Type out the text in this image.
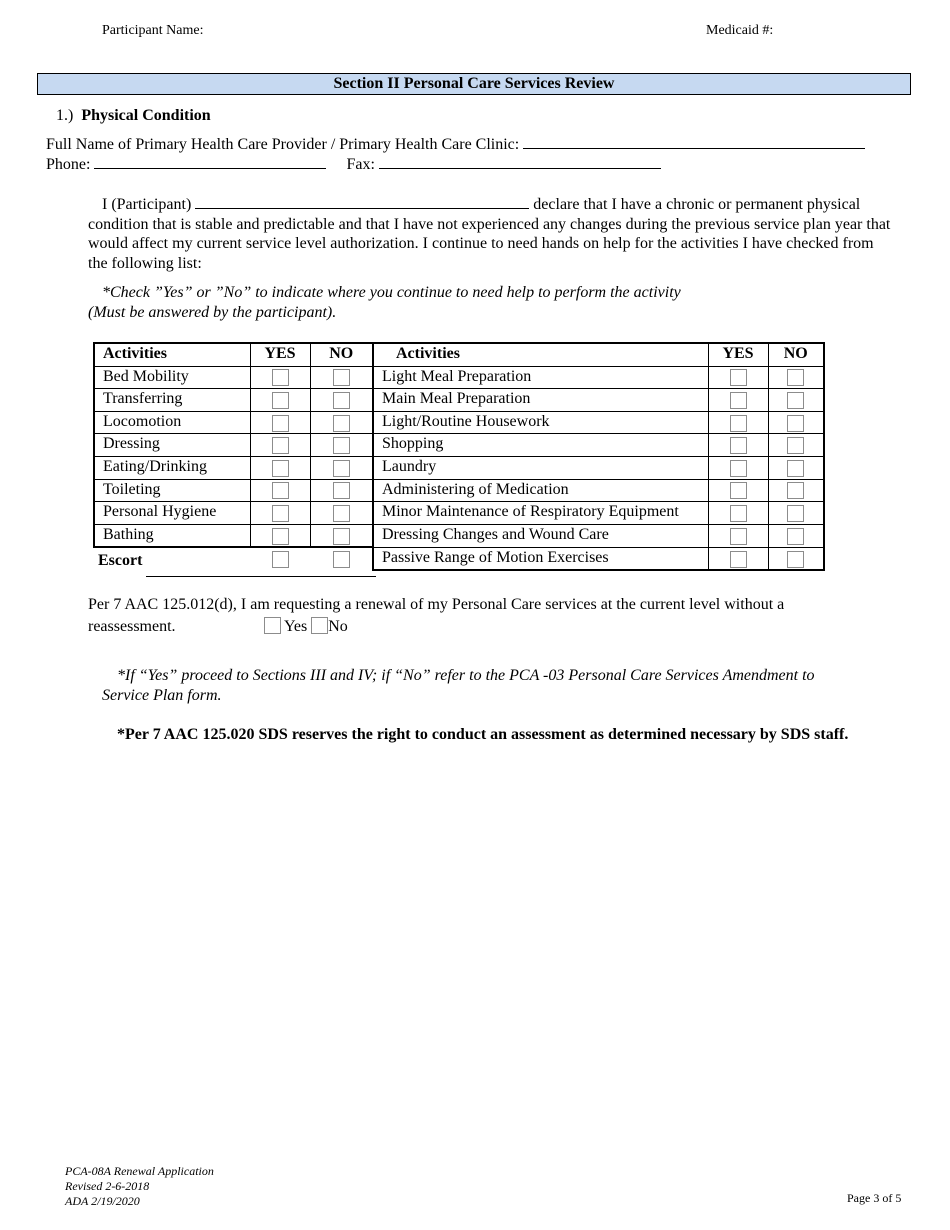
Participant Name:	Medicaid #:
Section II Personal Care Services Review
1.) Physical Condition
Full Name of Primary Health Care Provider / Primary Health Care Clinic:
Phone:	Fax:
I (Participant)	declare that I have a chronic or permanent physical condition that is stable and predictable and that I have not experienced any changes during the previous service plan year that would affect my current service level authorization. I continue to need hands on help for the activities I have checked from the following list:
*Check ”Yes” or ”No” to indicate where you continue to need help to perform the activity
(Must be answered by the participant).
Activities	YES	NO	Activities	YES	NO
Bed Mobility			Light Meal Preparation		
Transferring			Main Meal Preparation		
Locomotion			Light/Routine Housework		
Dressing			Shopping		
Eating/Drinking			Laundry		
Toileting			Administering of Medication		
Personal Hygiene			Minor Maintenance of Respiratory Equipment		
Bathing			Dressing Changes and Wound Care		
Escort			Passive Range of Motion Exercises		
Per 7 AAC 125.012(d), I am requesting a renewal of my Personal Care services at the current level without a
reassessment.	Yes No
*If “Yes” proceed to Sections III and IV; if “No” refer to the PCA -03 Personal Care Services Amendment to
Service Plan form.
*Per 7 AAC 125.020 SDS reserves the right to conduct an assessment as determined necessary by SDS staff.
PCA-08A Renewal Application
Revised 2-6-2018
ADA 2/19/2020	Page 3 of 5
